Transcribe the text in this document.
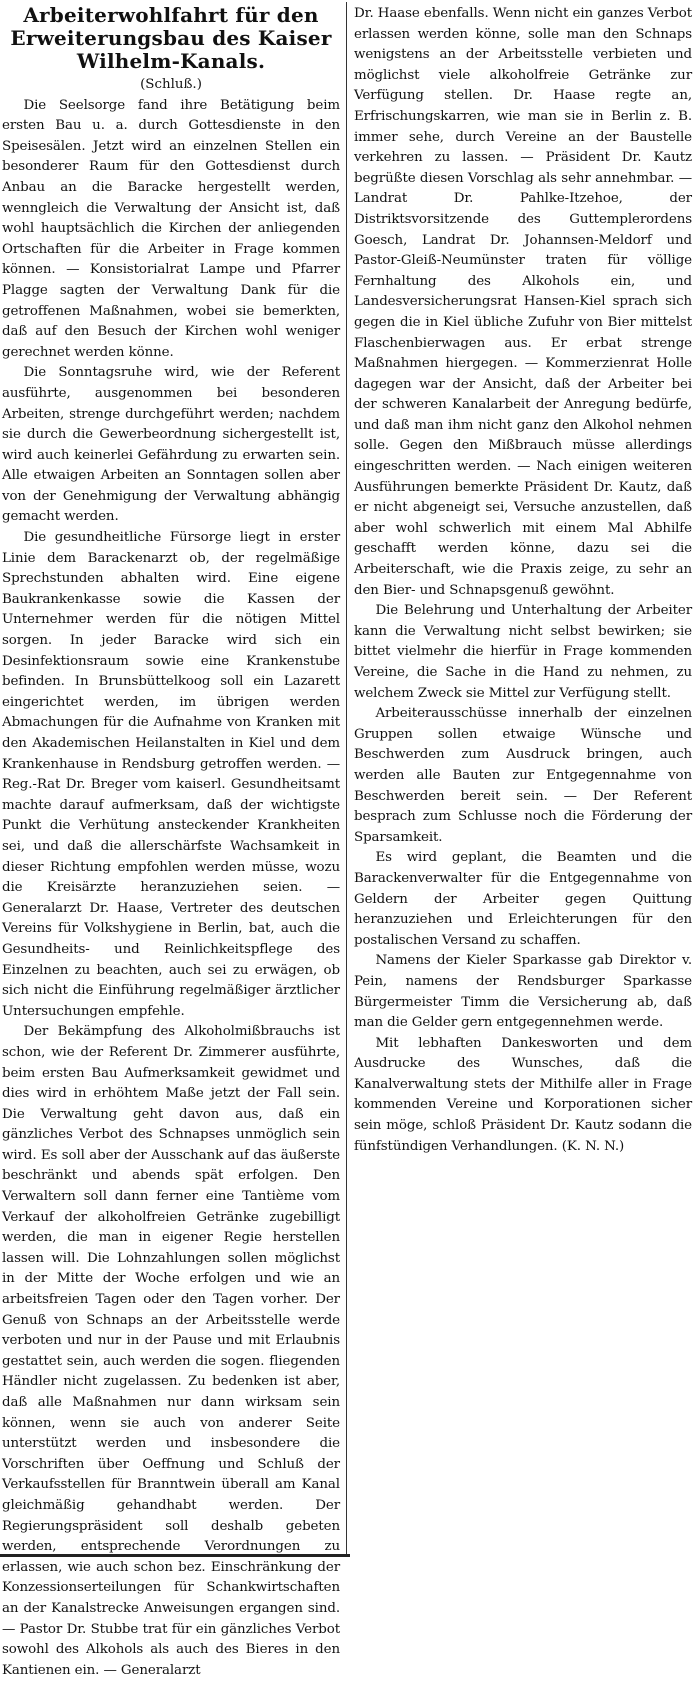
Arbeiterwohlfahrt für den Erweiterungsbau des Kaiser Wilhelm-Kanals.

(Schluß.)

Die Seelsorge fand ihre Betätigung beim ersten Bau u. a. durch Gottesdienste in den Speisesälen. Jetzt wird an einzelnen Stellen ein besonderer Raum für den Gottesdienst durch Anbau an die Baracke hergestellt werden, wenngleich die Verwaltung der Ansicht ist, daß wohl hauptsächlich die Kirchen der anliegenden Ortschaften für die Arbeiter in Frage kommen können. — Konsistorialrat Lampe und Pfarrer Plagge sagten der Verwaltung Dank für die getroffenen Maßnahmen, wobei sie bemerkten, daß auf den Besuch der Kirchen wohl weniger gerechnet werden könne.

Die Sonntagsruhe wird, wie der Referent ausführte, ausgenommen bei besonderen Arbeiten, strenge durchgeführt werden; nachdem sie durch die Gewerbeordnung sichergestellt ist, wird auch keinerlei Gefährdung zu erwarten sein. Alle etwaigen Arbeiten an Sonntagen sollen aber von der Genehmigung der Verwaltung abhängig gemacht werden.

Die gesundheitliche Fürsorge liegt in erster Linie dem Barackenarzt ob, der regelmäßige Sprechstunden abhalten wird. Eine eigene Baukrankenkasse sowie die Kassen der Unternehmer werden für die nötigen Mittel sorgen. In jeder Baracke wird sich ein Desinfektionsraum sowie eine Krankenstube befinden. In Brunsbüttelkoog soll ein Lazarett eingerichtet werden, im übrigen werden Abmachungen für die Aufnahme von Kranken mit den Akademischen Heilanstalten in Kiel und dem Krankenhause in Rendsburg getroffen werden. — Reg.-Rat Dr. Breger vom kaiserl. Gesundheitsamt machte darauf aufmerksam, daß der wichtigste Punkt die Verhütung ansteckender Krankheiten sei, und daß die allerschärfste Wachsamkeit in dieser Richtung empfohlen werden müsse, wozu die Kreisärzte heranzuziehen seien. — Generalarzt Dr. Haase, Vertreter des deutschen Vereins für Volkshygiene in Berlin, bat, auch die Gesundheits- und Reinlichkeitspflege des Einzelnen zu beachten, auch sei zu erwägen, ob sich nicht die Einführung regelmäßiger ärztlicher Untersuchungen empfehle.

Der Bekämpfung des Alkoholmißbrauchs ist schon, wie der Referent Dr. Zimmerer ausführte, beim ersten Bau Aufmerksamkeit gewidmet und dies wird in erhöhtem Maße jetzt der Fall sein. Die Verwaltung geht davon aus, daß ein gänzliches Verbot des Schnapses unmöglich sein wird. Es soll aber der Ausschank auf das äußerste beschränkt und abends spät erfolgen. Den Verwaltern soll dann ferner eine Tantième vom Verkauf der alkoholfreien Getränke zugebilligt werden, die man in eigener Regie herstellen lassen will. Die Lohnzahlungen sollen möglichst in der Mitte der Woche erfolgen und wie an arbeitsfreien Tagen oder den Tagen vorher. Der Genuß von Schnaps an der Arbeitsstelle werde verboten und nur in der Pause und mit Erlaubnis gestattet sein, auch werden die sogen. fliegenden Händler nicht zugelassen. Zu bedenken ist aber, daß alle Maßnahmen nur dann wirksam sein können, wenn sie auch von anderer Seite unterstützt werden und insbesondere die Vorschriften über Oeffnung und Schluß der Verkaufsstellen für Branntwein überall am Kanal gleichmäßig gehandhabt werden. Der Regierungspräsident soll deshalb gebeten werden, entsprechende Verordnungen zu erlassen, wie auch schon bez. Einschränkung der Konzessionserteilungen für Schankwirtschaften an der Kanalstrecke Anweisungen ergangen sind. — Pastor Dr. Stubbe trat für ein gänzliches Verbot sowohl des Alkohols als auch des Bieres in den Kantienen ein. — Generalarzt

Dr. Haase ebenfalls. Wenn nicht ein ganzes Verbot erlassen werden könne, solle man den Schnaps wenigstens an der Arbeitsstelle verbieten und möglichst viele alkoholfreie Getränke zur Verfügung stellen. Dr. Haase regte an, Erfrischungskarren, wie man sie in Berlin z. B. immer sehe, durch Vereine an der Baustelle verkehren zu lassen. — Präsident Dr. Kautz begrüßte diesen Vorschlag als sehr annehmbar. — Landrat Dr. Pahlke-Itzehoe, der Distriktsvorsitzende des Guttemplerordens Goesch, Landrat Dr. Johannsen-Meldorf und Pastor-Gleiß-Neumünster traten für völlige Fernhaltung des Alkohols ein, und Landesversicherungsrat Hansen-Kiel sprach sich gegen die in Kiel übliche Zufuhr von Bier mittelst Flaschenbierwagen aus. Er erbat strenge Maßnahmen hiergegen. — Kommerzienrat Holle dagegen war der Ansicht, daß der Arbeiter bei der schweren Kanalarbeit der Anregung bedürfe, und daß man ihm nicht ganz den Alkohol nehmen solle. Gegen den Mißbrauch müsse allerdings eingeschritten werden. — Nach einigen weiteren Ausführungen bemerkte Präsident Dr. Kautz, daß er nicht abgeneigt sei, Versuche anzustellen, daß aber wohl schwerlich mit einem Mal Abhilfe geschafft werden könne, dazu sei die Arbeiterschaft, wie die Praxis zeige, zu sehr an den Bier- und Schnapsgenuß gewöhnt.

Die Belehrung und Unterhaltung der Arbeiter kann die Verwaltung nicht selbst bewirken; sie bittet vielmehr die hierfür in Frage kommenden Vereine, die Sache in die Hand zu nehmen, zu welchem Zweck sie Mittel zur Verfügung stellt.

Arbeiterausschüsse innerhalb der einzelnen Gruppen sollen etwaige Wünsche und Beschwerden zum Ausdruck bringen, auch werden alle Bauten zur Entgegennahme von Beschwerden bereit sein. — Der Referent besprach zum Schlusse noch die Förderung der Sparsamkeit.

Es wird geplant, die Beamten und die Barackenverwalter für die Entgegennahme von Geldern der Arbeiter gegen Quittung heranzuziehen und Erleichterungen für den postalischen Versand zu schaffen.

Namens der Kieler Sparkasse gab Direktor v. Pein, namens der Rendsburger Sparkasse Bürgermeister Timm die Versicherung ab, daß man die Gelder gern entgegennehmen werde.

Mit lebhaften Dankesworten und dem Ausdrucke des Wunsches, daß die Kanalverwaltung stets der Mithilfe aller in Frage kommenden Vereine und Korporationen sicher sein möge, schloß Präsident Dr. Kautz sodann die fünfstündigen Verhandlungen. (K. N. N.)
